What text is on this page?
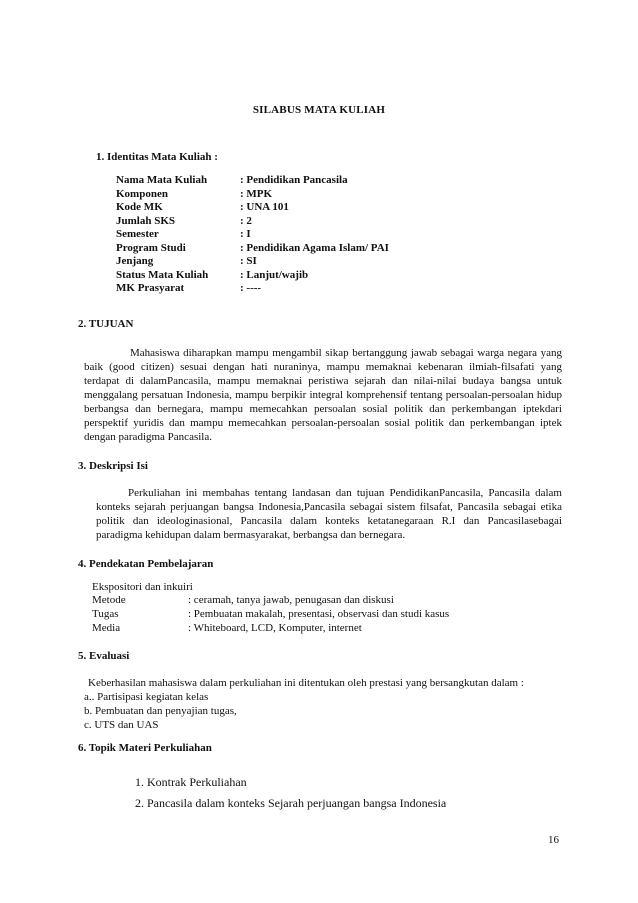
SILABUS MATA KULIAH
1. Identitas Mata Kuliah :
Nama Mata Kuliah	: Pendidikan Pancasila
Komponen	: MPK
Kode MK	: UNA 101
Jumlah SKS	: 2
Semester	: I
Program Studi	: Pendidikan Agama Islam/ PAI
Jenjang	: SI
Status Mata Kuliah	: Lanjut/wajib
MK Prasyarat	: ----
2. TUJUAN
Mahasiswa diharapkan mampu mengambil sikap bertanggung jawab sebagai warga negara yang baik (good citizen) sesuai dengan hati nuraninya, mampu memaknai kebenaran ilmiah-filsafati yang terdapat di dalamPancasila, mampu memaknai peristiwa sejarah dan nilai-nilai budaya bangsa untuk menggalang persatuan Indonesia, mampu berpikir integral komprehensif tentang persoalan-persoalan hidup berbangsa dan bernegara, mampu memecahkan persoalan sosial politik dan perkembangan iptekdari perspektif yuridis dan mampu memecahkan persoalan-persoalan sosial politik dan perkembangan iptek dengan paradigma Pancasila.
3. Deskripsi Isi
Perkuliahan ini membahas tentang landasan dan tujuan PendidikanPancasila, Pancasila dalam konteks sejarah perjuangan bangsa Indonesia,Pancasila sebagai sistem filsafat, Pancasila sebagai etika politik dan ideologinasional, Pancasila dalam konteks ketatanegaraan R.I dan Pancasilasebagai paradigma kehidupan dalam bermasyarakat, berbangsa dan bernegara.
4. Pendekatan Pembelajaran
Ekspositori dan inkuiri
Metode	: ceramah, tanya jawab, penugasan dan diskusi
Tugas	: Pembuatan makalah, presentasi, observasi dan studi kasus
Media	: Whiteboard, LCD, Komputer, internet
5. Evaluasi
Keberhasilan mahasiswa dalam perkuliahan ini ditentukan oleh prestasi yang bersangkutan dalam :
a.. Partisipasi kegiatan kelas
b. Pembuatan dan penyajian tugas,
c. UTS dan UAS
6. Topik Materi Perkuliahan
1. Kontrak Perkuliahan
2. Pancasila dalam konteks Sejarah perjuangan bangsa Indonesia
16
